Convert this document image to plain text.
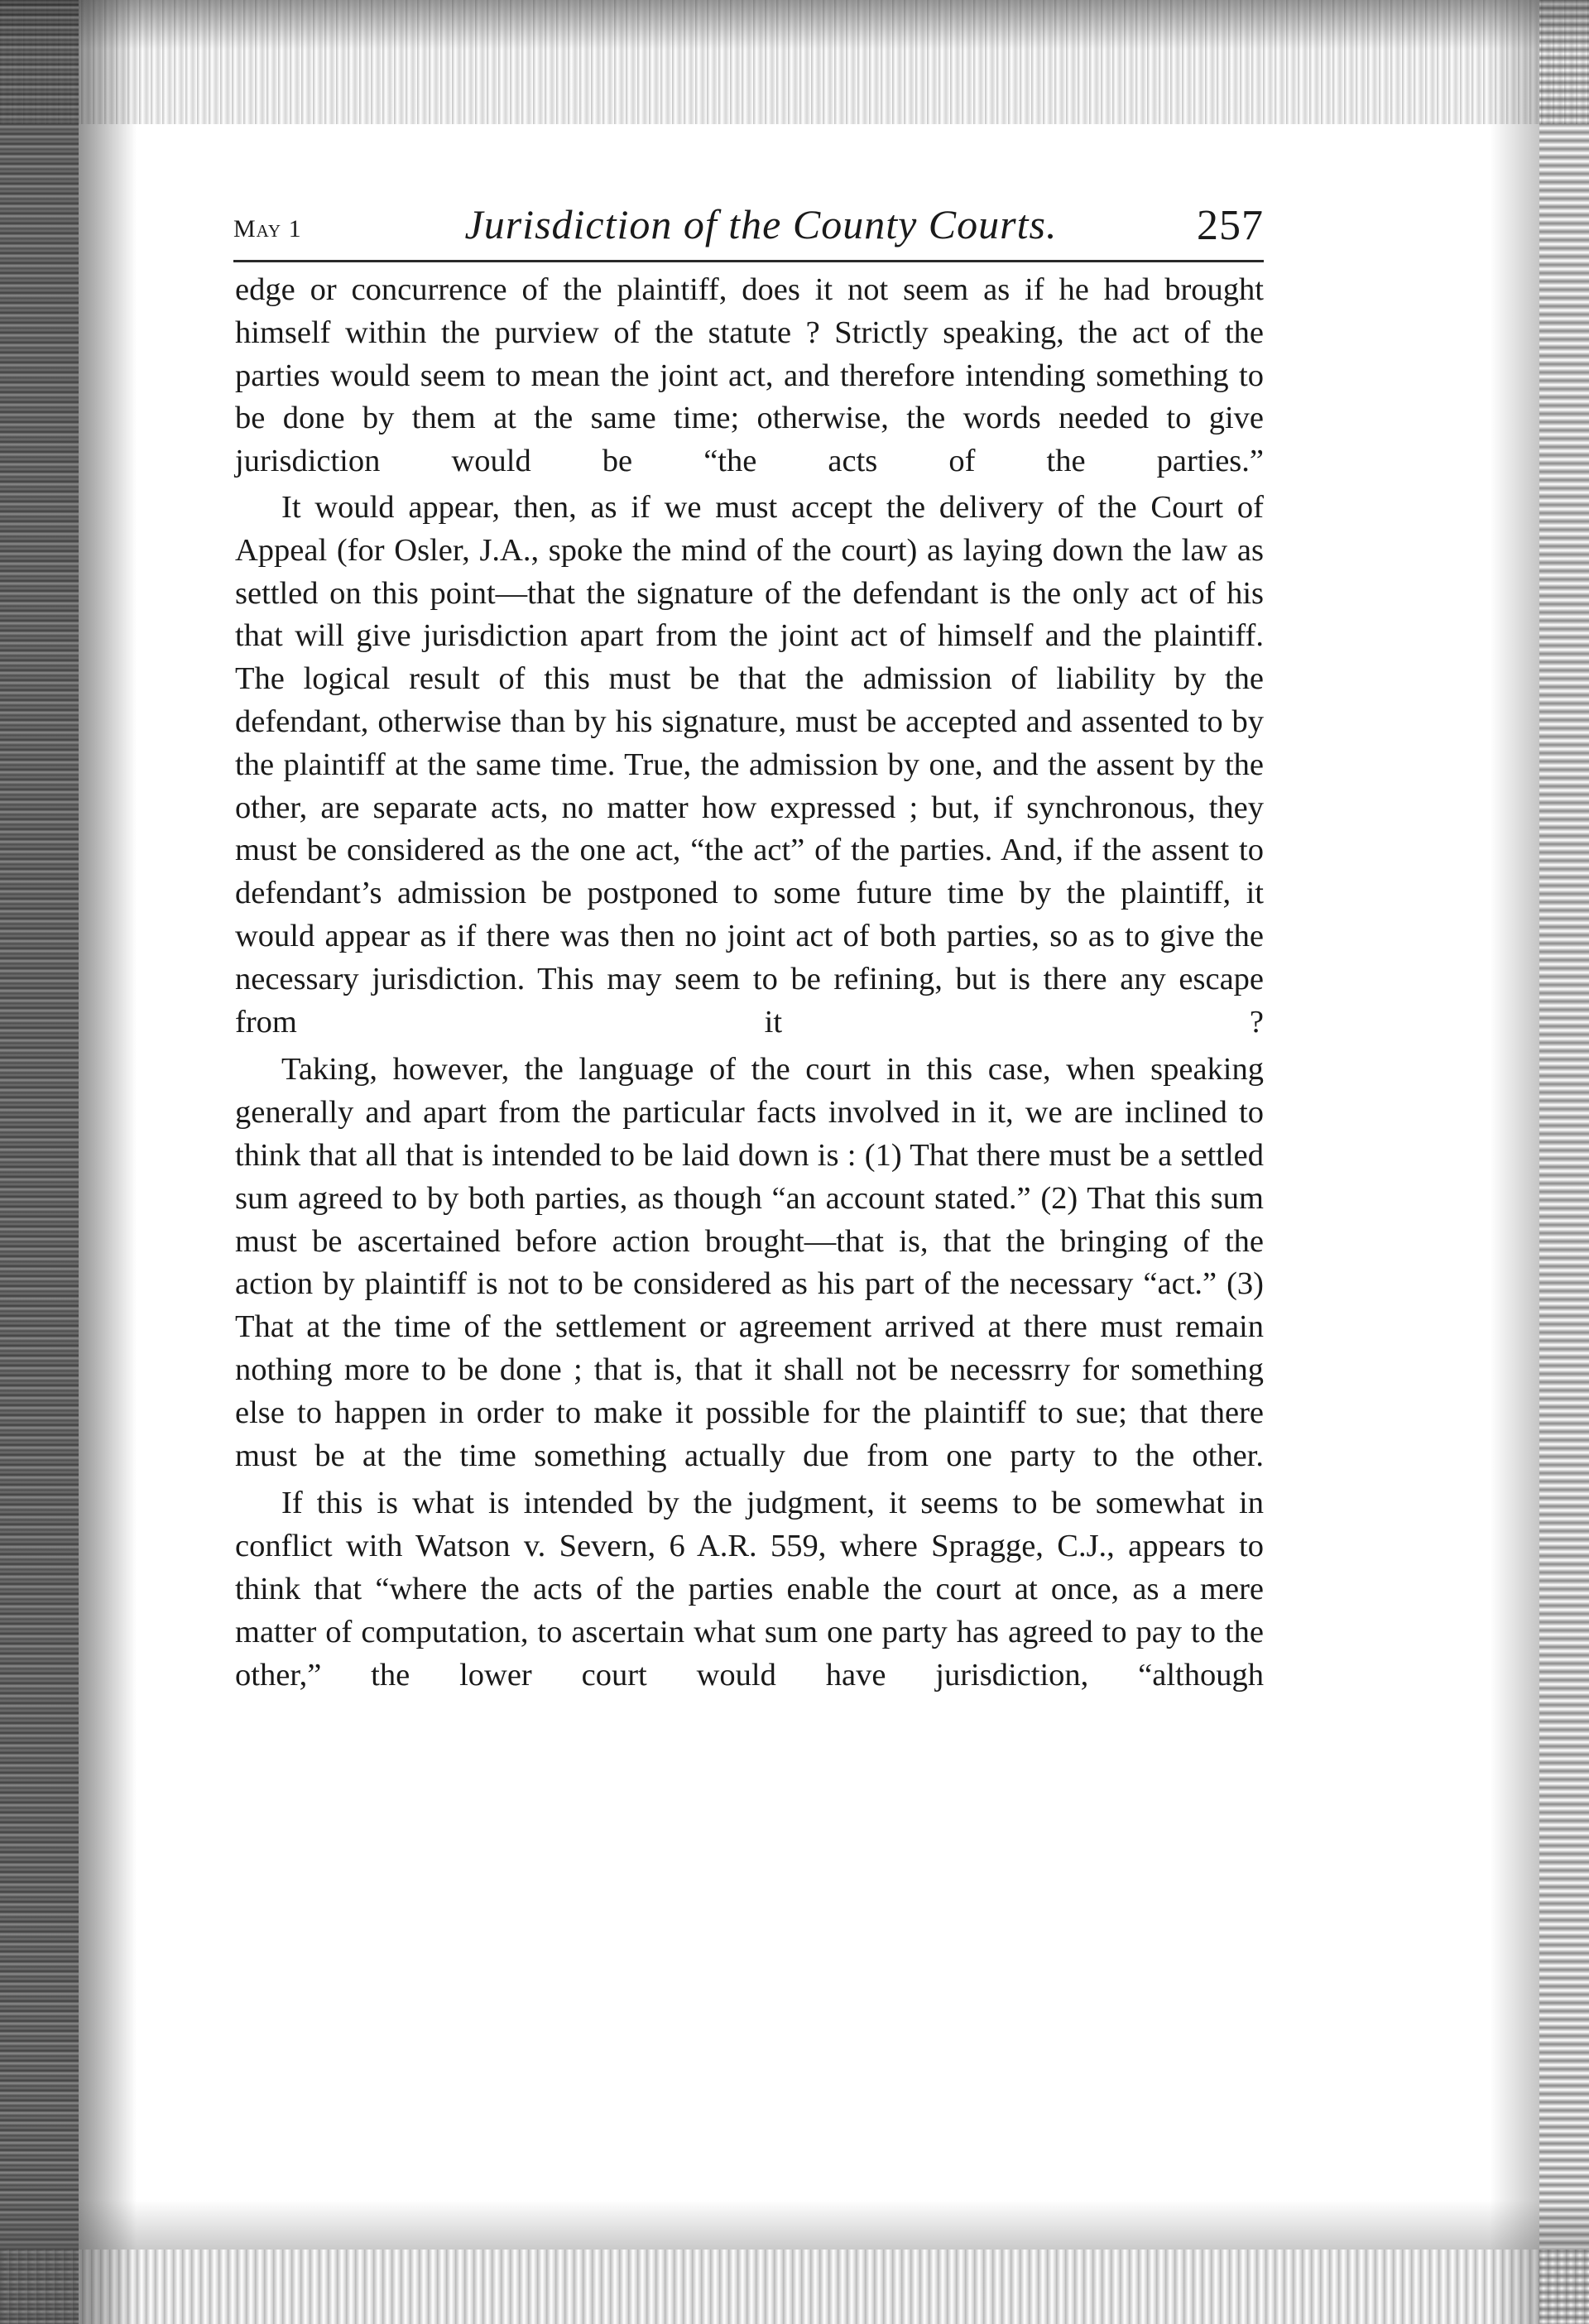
May 1	Jurisdiction of the County Courts.	257

edge or concurrence of the plaintiff, does it not seem as if he had brought himself within the purview of the statute ? Strictly speaking, the act of the parties would seem to mean the joint act, and therefore intending something to be done by them at the same time; otherwise, the words needed to give jurisdiction would be “the acts of the parties.”

It would appear, then, as if we must accept the delivery of the Court of Appeal (for Osler, J.A., spoke the mind of the court) as laying down the law as settled on this point—that the signature of the defendant is the only act of his that will give jurisdiction apart from the joint act of himself and the plaintiff. The logical result of this must be that the admission of liability by the defendant, otherwise than by his signature, must be accepted and assented to by the plaintiff at the same time. True, the admission by one, and the assent by the other, are separate acts, no matter how expressed ; but, if synchronous, they must be considered as the one act, “the act” of the parties. And, if the assent to defendant’s admission be postponed to some future time by the plaintiff, it would appear as if there was then no joint act of both parties, so as to give the necessary jurisdiction. This may seem to be refining, but is there any escape from it ?

Taking, however, the language of the court in this case, when speaking generally and apart from the particular facts involved in it, we are inclined to think that all that is intended to be laid down is : (1) That there must be a settled sum agreed to by both parties, as though “an account stated.” (2) That this sum must be ascertained before action brought—that is, that the bringing of the action by plaintiff is not to be considered as his part of the necessary “act.” (3) That at the time of the settlement or agreement arrived at there must remain nothing more to be done ; that is, that it shall not be necessrry for something else to happen in order to make it possible for the plaintiff to sue; that there must be at the time something actually due from one party to the other.

If this is what is intended by the judgment, it seems to be somewhat in conflict with Watson v. Severn, 6 A.R. 559, where Spragge, C.J., appears to think that “where the acts of the parties enable the court at once, as a mere matter of computation, to ascertain what sum one party has agreed to pay to the other,” the lower court would have jurisdiction, “although
